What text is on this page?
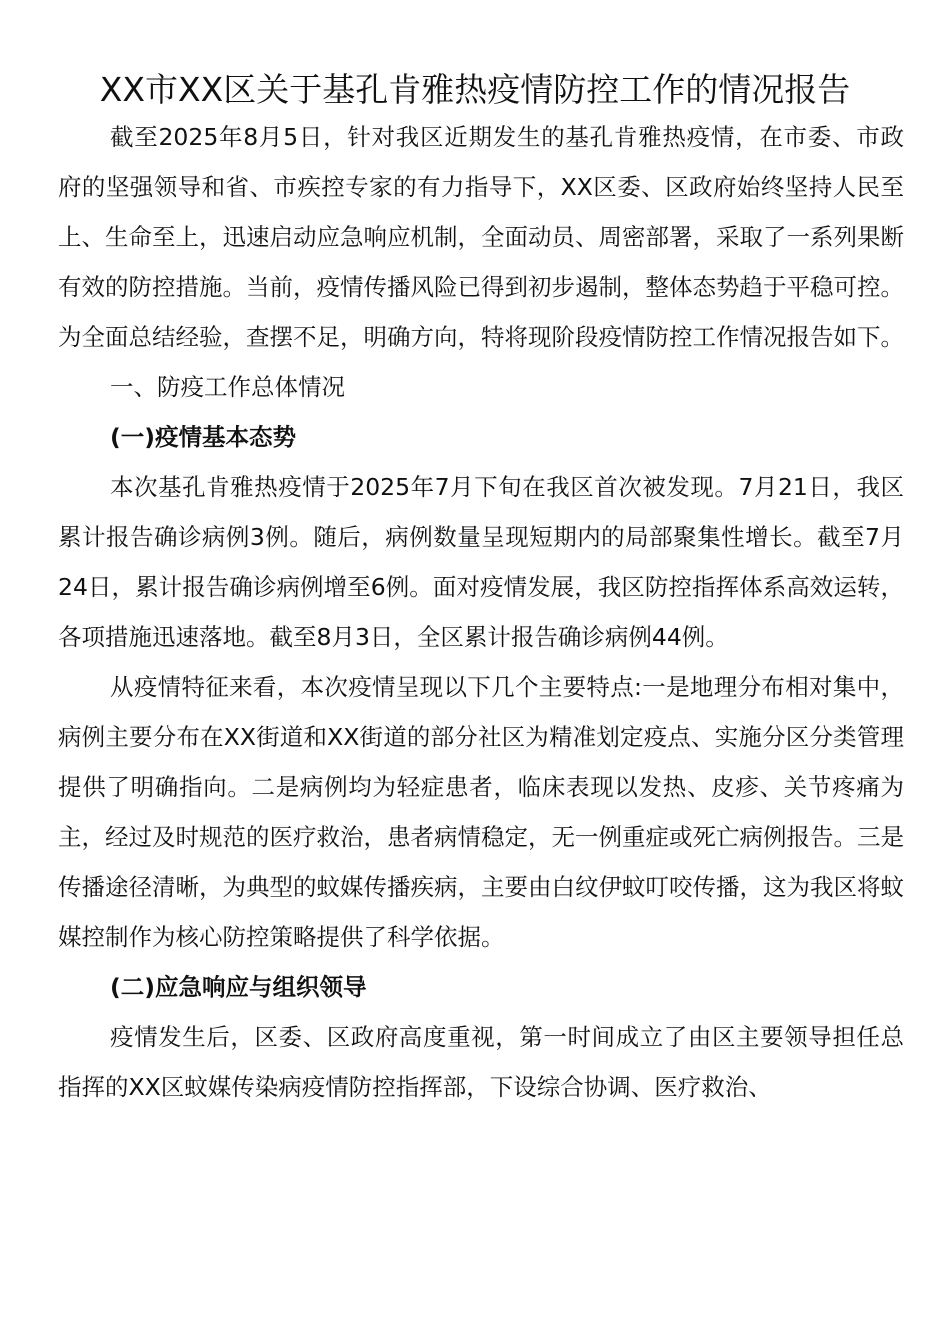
XX市XX区关于基孔肯雅热疫情防控工作的情况报告

截至2025年8月5日，针对我区近期发生的基孔肯雅热疫情，在市委、市政府的坚强领导和省、市疾控专家的有力指导下，XX区委、区政府始终坚持人民至上、生命至上，迅速启动应急响应机制，全面动员、周密部署，采取了一系列果断有效的防控措施。当前，疫情传播风险已得到初步遏制，整体态势趋于平稳可控。为全面总结经验，查摆不足，明确方向，特将现阶段疫情防控工作情况报告如下。

一、防疫工作总体情况

(一)疫情基本态势

本次基孔肯雅热疫情于2025年7月下旬在我区首次被发现。7月21日，我区累计报告确诊病例3例。随后，病例数量呈现短期内的局部聚集性增长。截至7月24日，累计报告确诊病例增至6例。面对疫情发展，我区防控指挥体系高效运转，各项措施迅速落地。截至8月3日，全区累计报告确诊病例44例。

从疫情特征来看，本次疫情呈现以下几个主要特点:一是地理分布相对集中，病例主要分布在XX街道和XX街道的部分社区为精准划定疫点、实施分区分类管理提供了明确指向。二是病例均为轻症患者，临床表现以发热、皮疹、关节疼痛为主，经过及时规范的医疗救治，患者病情稳定，无一例重症或死亡病例报告。三是传播途径清晰，为典型的蚊媒传播疾病，主要由白纹伊蚊叮咬传播，这为我区将蚊媒控制作为核心防控策略提供了科学依据。

(二)应急响应与组织领导

疫情发生后，区委、区政府高度重视，第一时间成立了由区主要领导担任总指挥的XX区蚊媒传染病疫情防控指挥部，下设综合协调、医疗救治、
